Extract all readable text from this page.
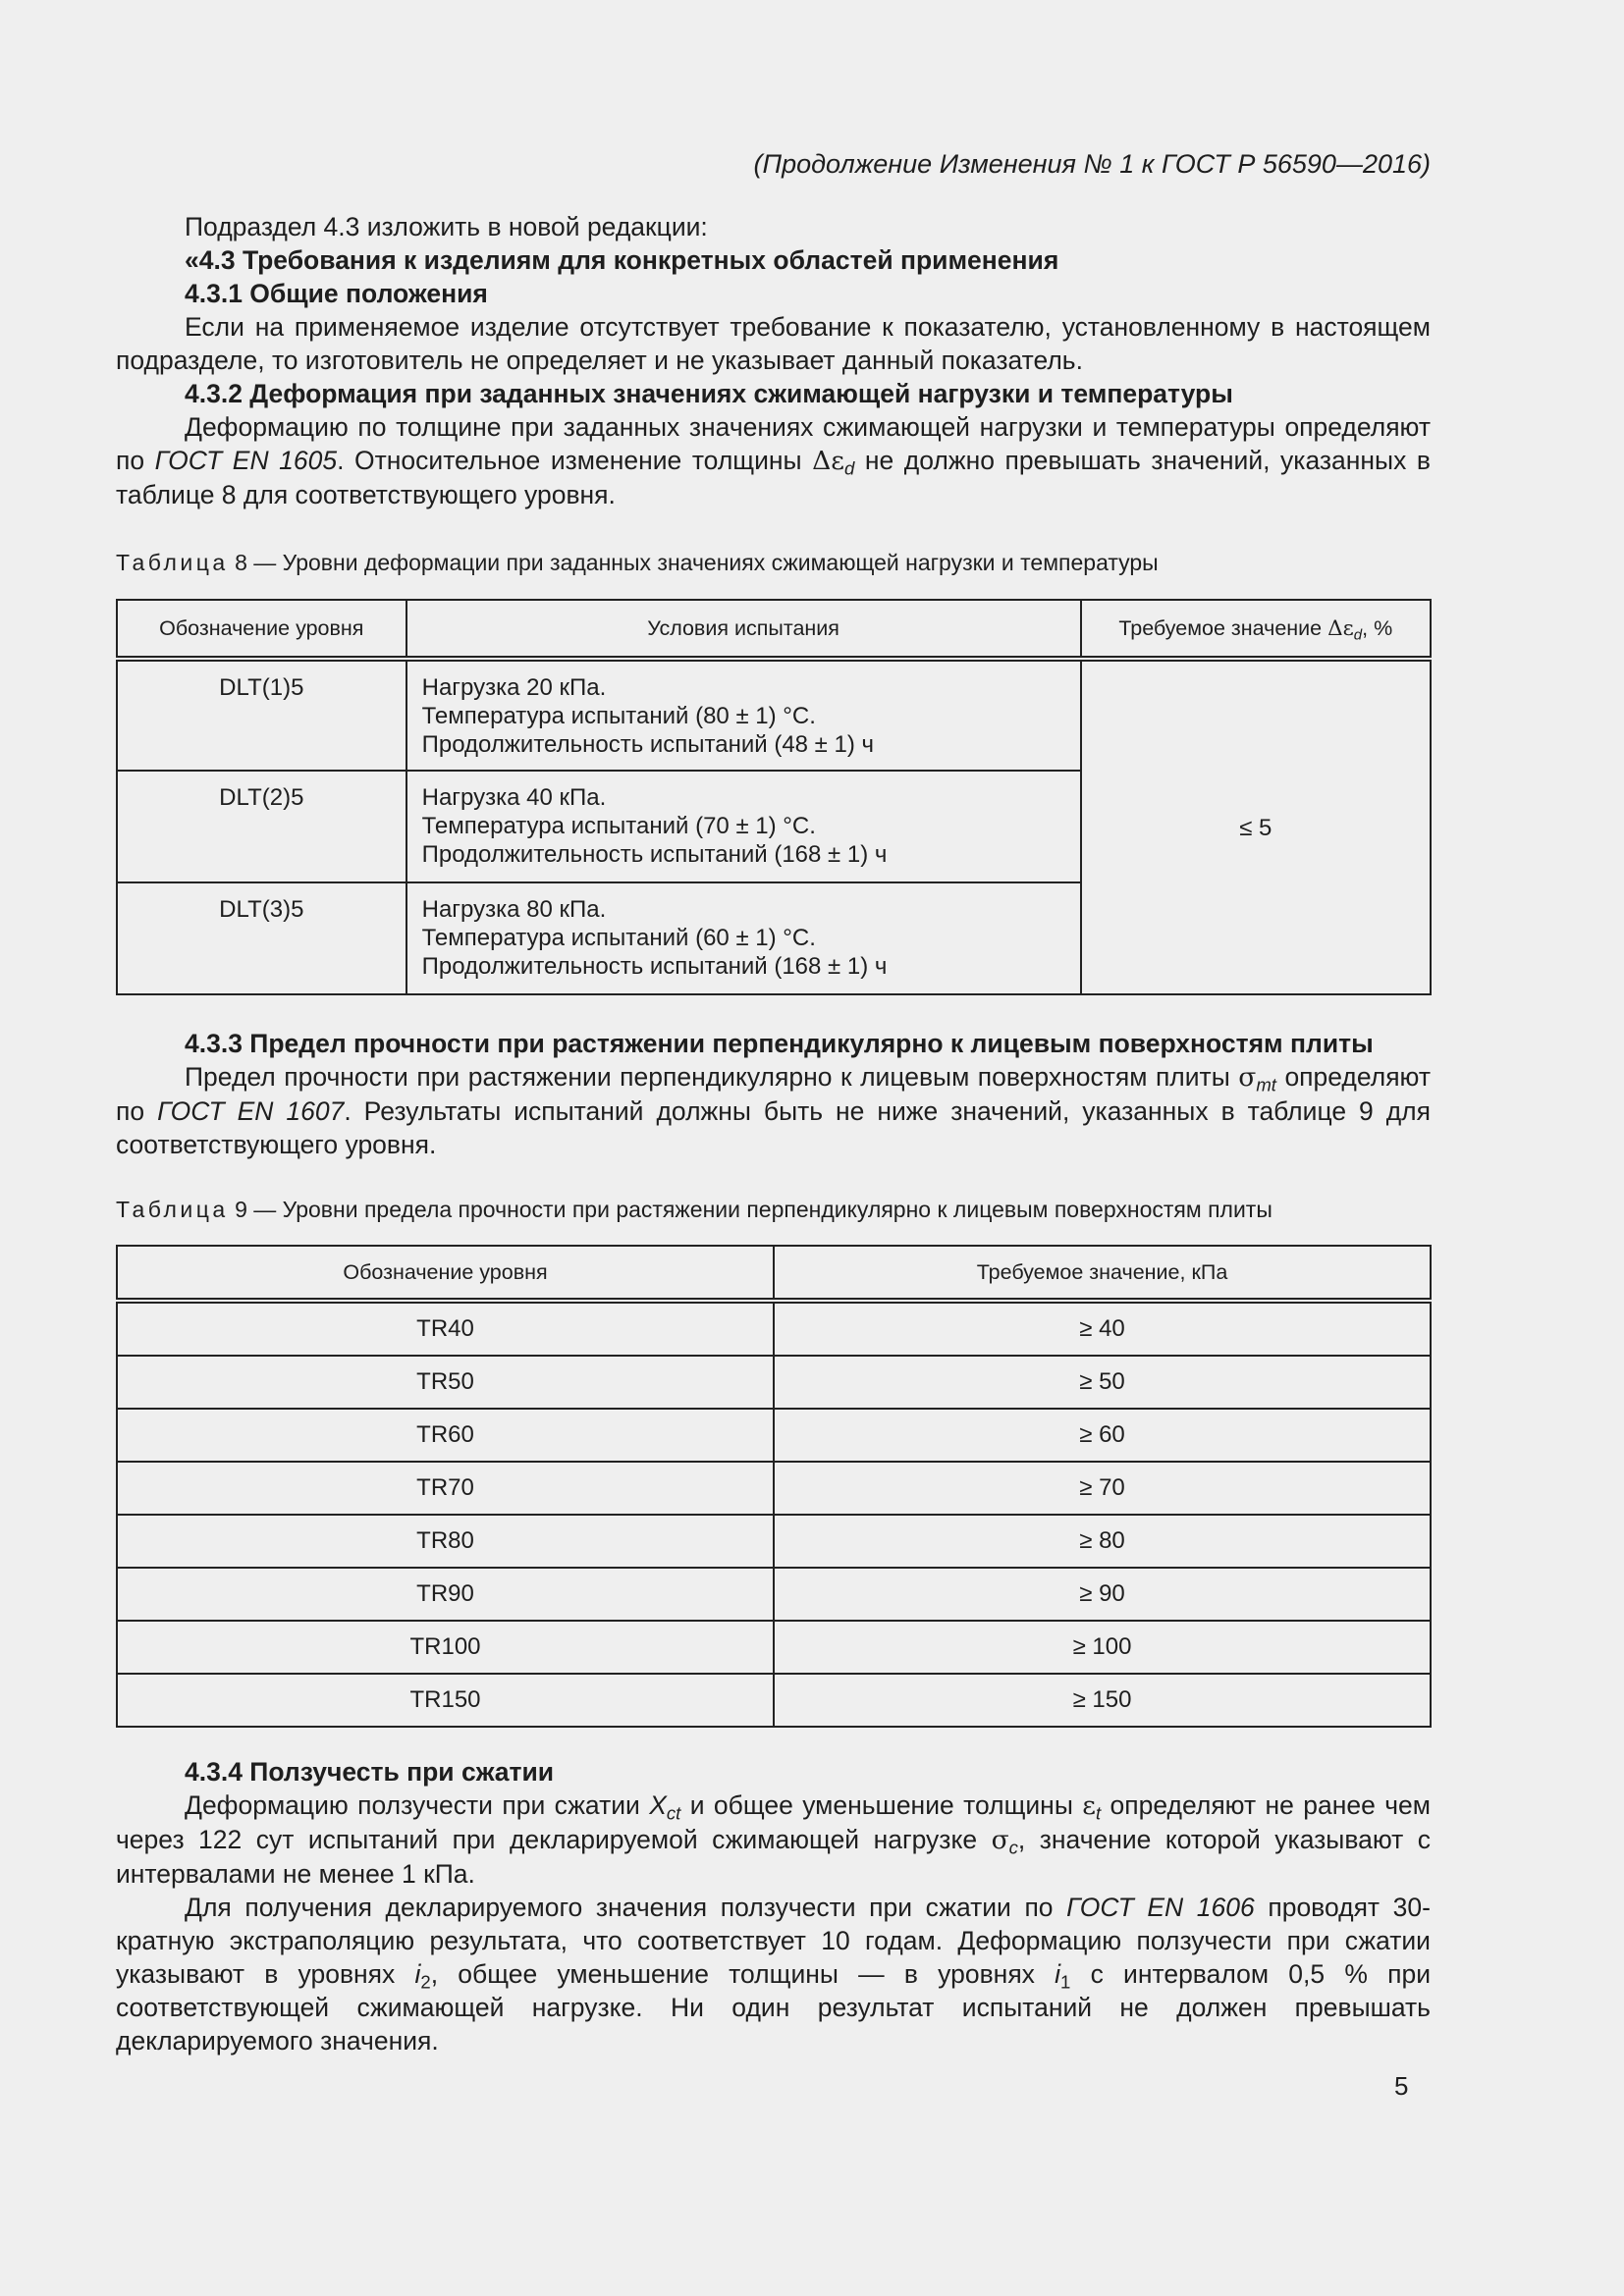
(Продолжение Изменения № 1 к ГОСТ Р 56590—2016)
Подраздел 4.3 изложить в новой редакции:
«4.3 Требования к изделиям для конкретных областей применения
4.3.1 Общие положения
Если на применяемое изделие отсутствует требование к показателю, установленному в настоящем подразделе, то изготовитель не определяет и не указывает данный показатель.
4.3.2 Деформация при заданных значениях сжимающей нагрузки и температуры
Деформацию по толщине при заданных значениях сжимающей нагрузки и температуры определяют по ГОСТ EN 1605. Относительное изменение толщины $\Delta\varepsilon_d$ не должно превышать значений, указанных в таблице 8 для соответствующего уровня.
Таблица 8 — Уровни деформации при заданных значениях сжимающей нагрузки и температуры
Обозначение уровня	Условия испытания	Требуемое значение $\Delta\varepsilon_d$, %
DLT(1)5	Нагрузка 20 кПа.
Температура испытаний (80 ± 1) °С.
Продолжительность испытаний (48 ± 1) ч	≤ 5
DLT(2)5	Нагрузка 40 кПа.
Температура испытаний (70 ± 1) °С.
Продолжительность испытаний (168 ± 1) ч	

DLT(3)5	Нагрузка 80 кПа.
Температура испытаний (60 ± 1) °С.
Продолжительность испытаний (168 ± 1) ч	
4.3.3 Предел прочности при растяжении перпендикулярно к лицевым поверхностям плиты
Предел прочности при растяжении перпендикулярно к лицевым поверхностям плиты $\sigma_{mt}$ определяют по ГОСТ EN 1607. Результаты испытаний должны быть не ниже значений, указанных в таблице 9 для соответствующего уровня.
Таблица 9 — Уровни предела прочности при растяжении перпендикулярно к лицевым поверхностям плиты
Обозначение уровня	Требуемое значение, кПа
TR40	≥ 40
TR50	≥ 50
TR60	≥ 60
TR70	≥ 70
TR80	≥ 80
TR90	≥ 90
TR100	≥ 100
TR150	≥ 150
4.3.4 Ползучесть при сжатии
Деформацию ползучести при сжатии $X_{ct}$ и общее уменьшение толщины $\varepsilon_t$ определяют не ранее чем через 122 сут испытаний при декларируемой сжимающей нагрузке $\sigma_c$, значение которой указывают с интервалами не менее 1 кПа.
Для получения декларируемого значения ползучести при сжатии по ГОСТ EN 1606 проводят 30-кратную экстраполяцию результата, что соответствует 10 годам. Деформацию ползучести при сжатии указывают в уровнях $i_2$, общее уменьшение толщины — в уровнях $i_1$ с интервалом 0,5 % при соответствующей сжимающей нагрузке. Ни один результат испытаний не должен превышать декларируемого значения.
5
